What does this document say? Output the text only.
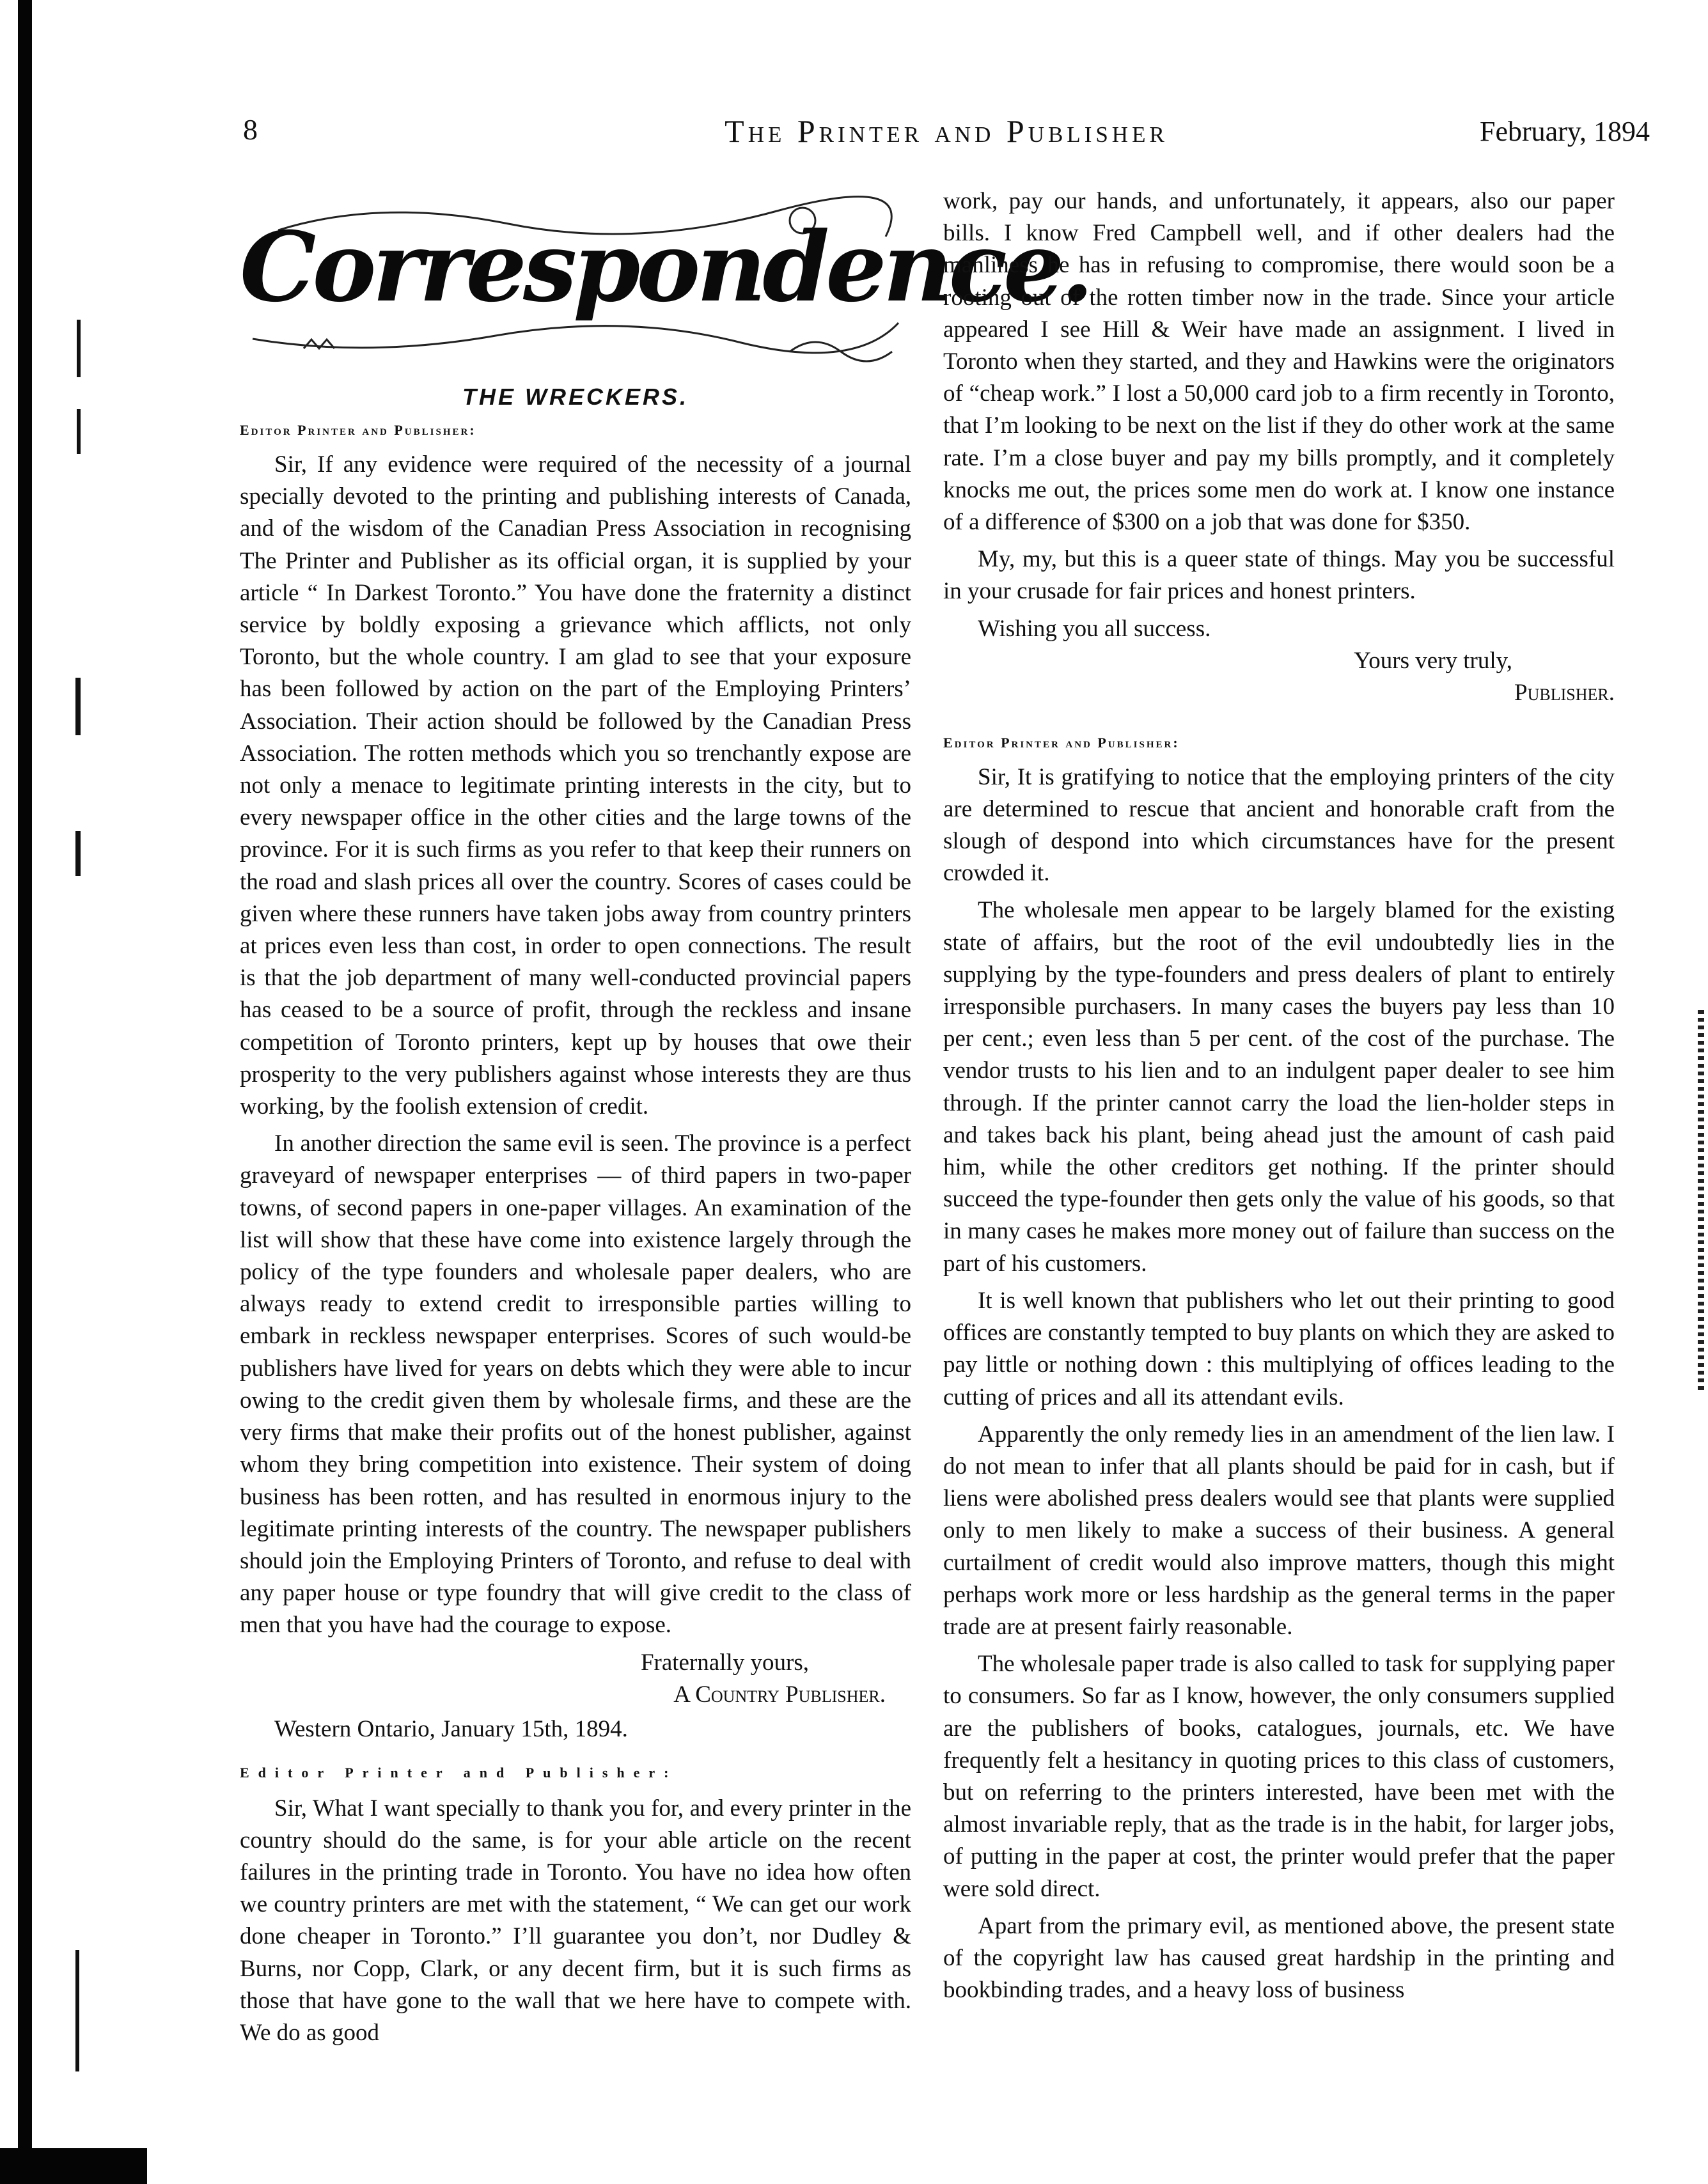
8	The Printer and Publisher	February, 1894
Correspondence.
THE WRECKERS.
Editor Printer and Publisher:

Sir, If any evidence were required of the necessity of a journal specially devoted to the printing and publishing interests of Canada, and of the wisdom of the Canadian Press Association in recognising The Printer and Publisher as its official organ, it is supplied by your article “ In Darkest Toronto.” You have done the fraternity a distinct service by boldly exposing a grievance which afflicts, not only Toronto, but the whole country. I am glad to see that your exposure has been followed by action on the part of the Employing Printers’ Association. Their action should be followed by the Canadian Press Association. The rotten methods which you so trenchantly expose are not only a menace to legitimate printing interests in the city, but to every newspaper office in the other cities and the large towns of the province. For it is such firms as you refer to that keep their runners on the road and slash prices all over the country. Scores of cases could be given where these runners have taken jobs away from country printers at prices even less than cost, in order to open connections. The result is that the job department of many well-conducted provincial papers has ceased to be a source of profit, through the reckless and insane competition of Toronto printers, kept up by houses that owe their prosperity to the very publishers against whose interests they are thus working, by the foolish extension of credit.

In another direction the same evil is seen. The province is a perfect graveyard of newspaper enterprises — of third papers in two-paper towns, of second papers in one-paper villages. An examination of the list will show that these have come into existence largely through the policy of the type founders and wholesale paper dealers, who are always ready to extend credit to irresponsible parties willing to embark in reckless newspaper enterprises. Scores of such would-be publishers have lived for years on debts which they were able to incur owing to the credit given them by wholesale firms, and these are the very firms that make their profits out of the honest publisher, against whom they bring competition into existence. Their system of doing business has been rotten, and has resulted in enormous injury to the legitimate printing interests of the country. The newspaper publishers should join the Employing Printers of Toronto, and refuse to deal with any paper house or type foundry that will give credit to the class of men that you have had the courage to expose.

Fraternally yours,
A Country Publisher.
Western Ontario, January 15th, 1894.
Editor Printer and Publisher:

Sir, What I want specially to thank you for, and every printer in the country should do the same, is for your able article on the recent failures in the printing trade in Toronto. You have no idea how often we country printers are met with the statement, “ We can get our work done cheaper in Toronto.” I’ll guarantee you don’t, nor Dudley & Burns, nor Copp, Clark, or any decent firm, but it is such firms as those that have gone to the wall that we here have to compete with. We do as good

work, pay our hands, and unfortunately, it appears, also our paper bills. I know Fred Campbell well, and if other dealers had the manliness he has in refusing to compromise, there would soon be a rooting out of the rotten timber now in the trade. Since your article appeared I see Hill & Weir have made an assignment. I lived in Toronto when they started, and they and Hawkins were the originators of “cheap work.” I lost a 50,000 card job to a firm recently in Toronto, that I’m looking to be next on the list if they do other work at the same rate. I’m a close buyer and pay my bills promptly, and it completely knocks me out, the prices some men do work at. I know one instance of a difference of $300 on a job that was done for $350.

My, my, but this is a queer state of things. May you be successful in your crusade for fair prices and honest printers.

Wishing you all success.

Yours very truly,
Publisher.
Editor Printer and Publisher:

Sir, It is gratifying to notice that the employing printers of the city are determined to rescue that ancient and honorable craft from the slough of despond into which circumstances have for the present crowded it.

The wholesale men appear to be largely blamed for the existing state of affairs, but the root of the evil undoubtedly lies in the supplying by the type-founders and press dealers of plant to entirely irresponsible purchasers. In many cases the buyers pay less than 10 per cent.; even less than 5 per cent. of the cost of the purchase. The vendor trusts to his lien and to an indulgent paper dealer to see him through. If the printer cannot carry the load the lien-holder steps in and takes back his plant, being ahead just the amount of cash paid him, while the other creditors get nothing. If the printer should succeed the type-founder then gets only the value of his goods, so that in many cases he makes more money out of failure than success on the part of his customers.

It is well known that publishers who let out their printing to good offices are constantly tempted to buy plants on which they are asked to pay little or nothing down : this multiplying of offices leading to the cutting of prices and all its attendant evils.

Apparently the only remedy lies in an amendment of the lien law. I do not mean to infer that all plants should be paid for in cash, but if liens were abolished press dealers would see that plants were supplied only to men likely to make a success of their business. A general curtailment of credit would also improve matters, though this might perhaps work more or less hardship as the general terms in the paper trade are at present fairly reasonable.

The wholesale paper trade is also called to task for supplying paper to consumers. So far as I know, however, the only consumers supplied are the publishers of books, catalogues, journals, etc. We have frequently felt a hesitancy in quoting prices to this class of customers, but on referring to the printers interested, have been met with the almost invariable reply, that as the trade is in the habit, for larger jobs, of putting in the paper at cost, the printer would prefer that the paper were sold direct.

Apart from the primary evil, as mentioned above, the present state of the copyright law has caused great hardship in the printing and bookbinding trades, and a heavy loss of business
